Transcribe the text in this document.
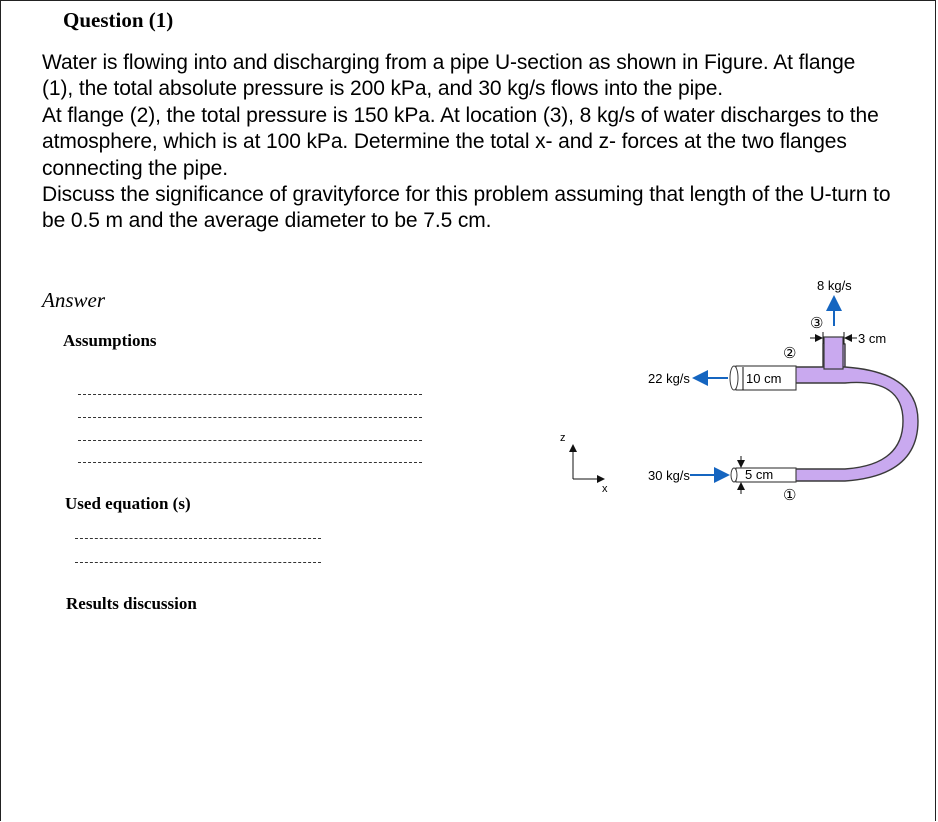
Question (1)

Water is flowing into and discharging from a pipe U-section as shown in Figure. At flange (1), the total absolute pressure is 200 kPa, and 30 kg/s flows into the pipe.

At flange (2), the total pressure is 150 kPa. At location (3), 8 kg/s of water discharges to the atmosphere, which is at 100 kPa. Determine the total x- and z- forces at the two flanges connecting the pipe.

Discuss the significance of gravityforce for this problem assuming that length of the U-turn to be 0.5 m and the average diameter to be 7.5 cm.

Answer
Assumptions
Used equation (s)
Results discussion
8 kg/s
③
3 cm
②
22 kg/s	10 cm
30 kg/s	5 cm
①
z
x
